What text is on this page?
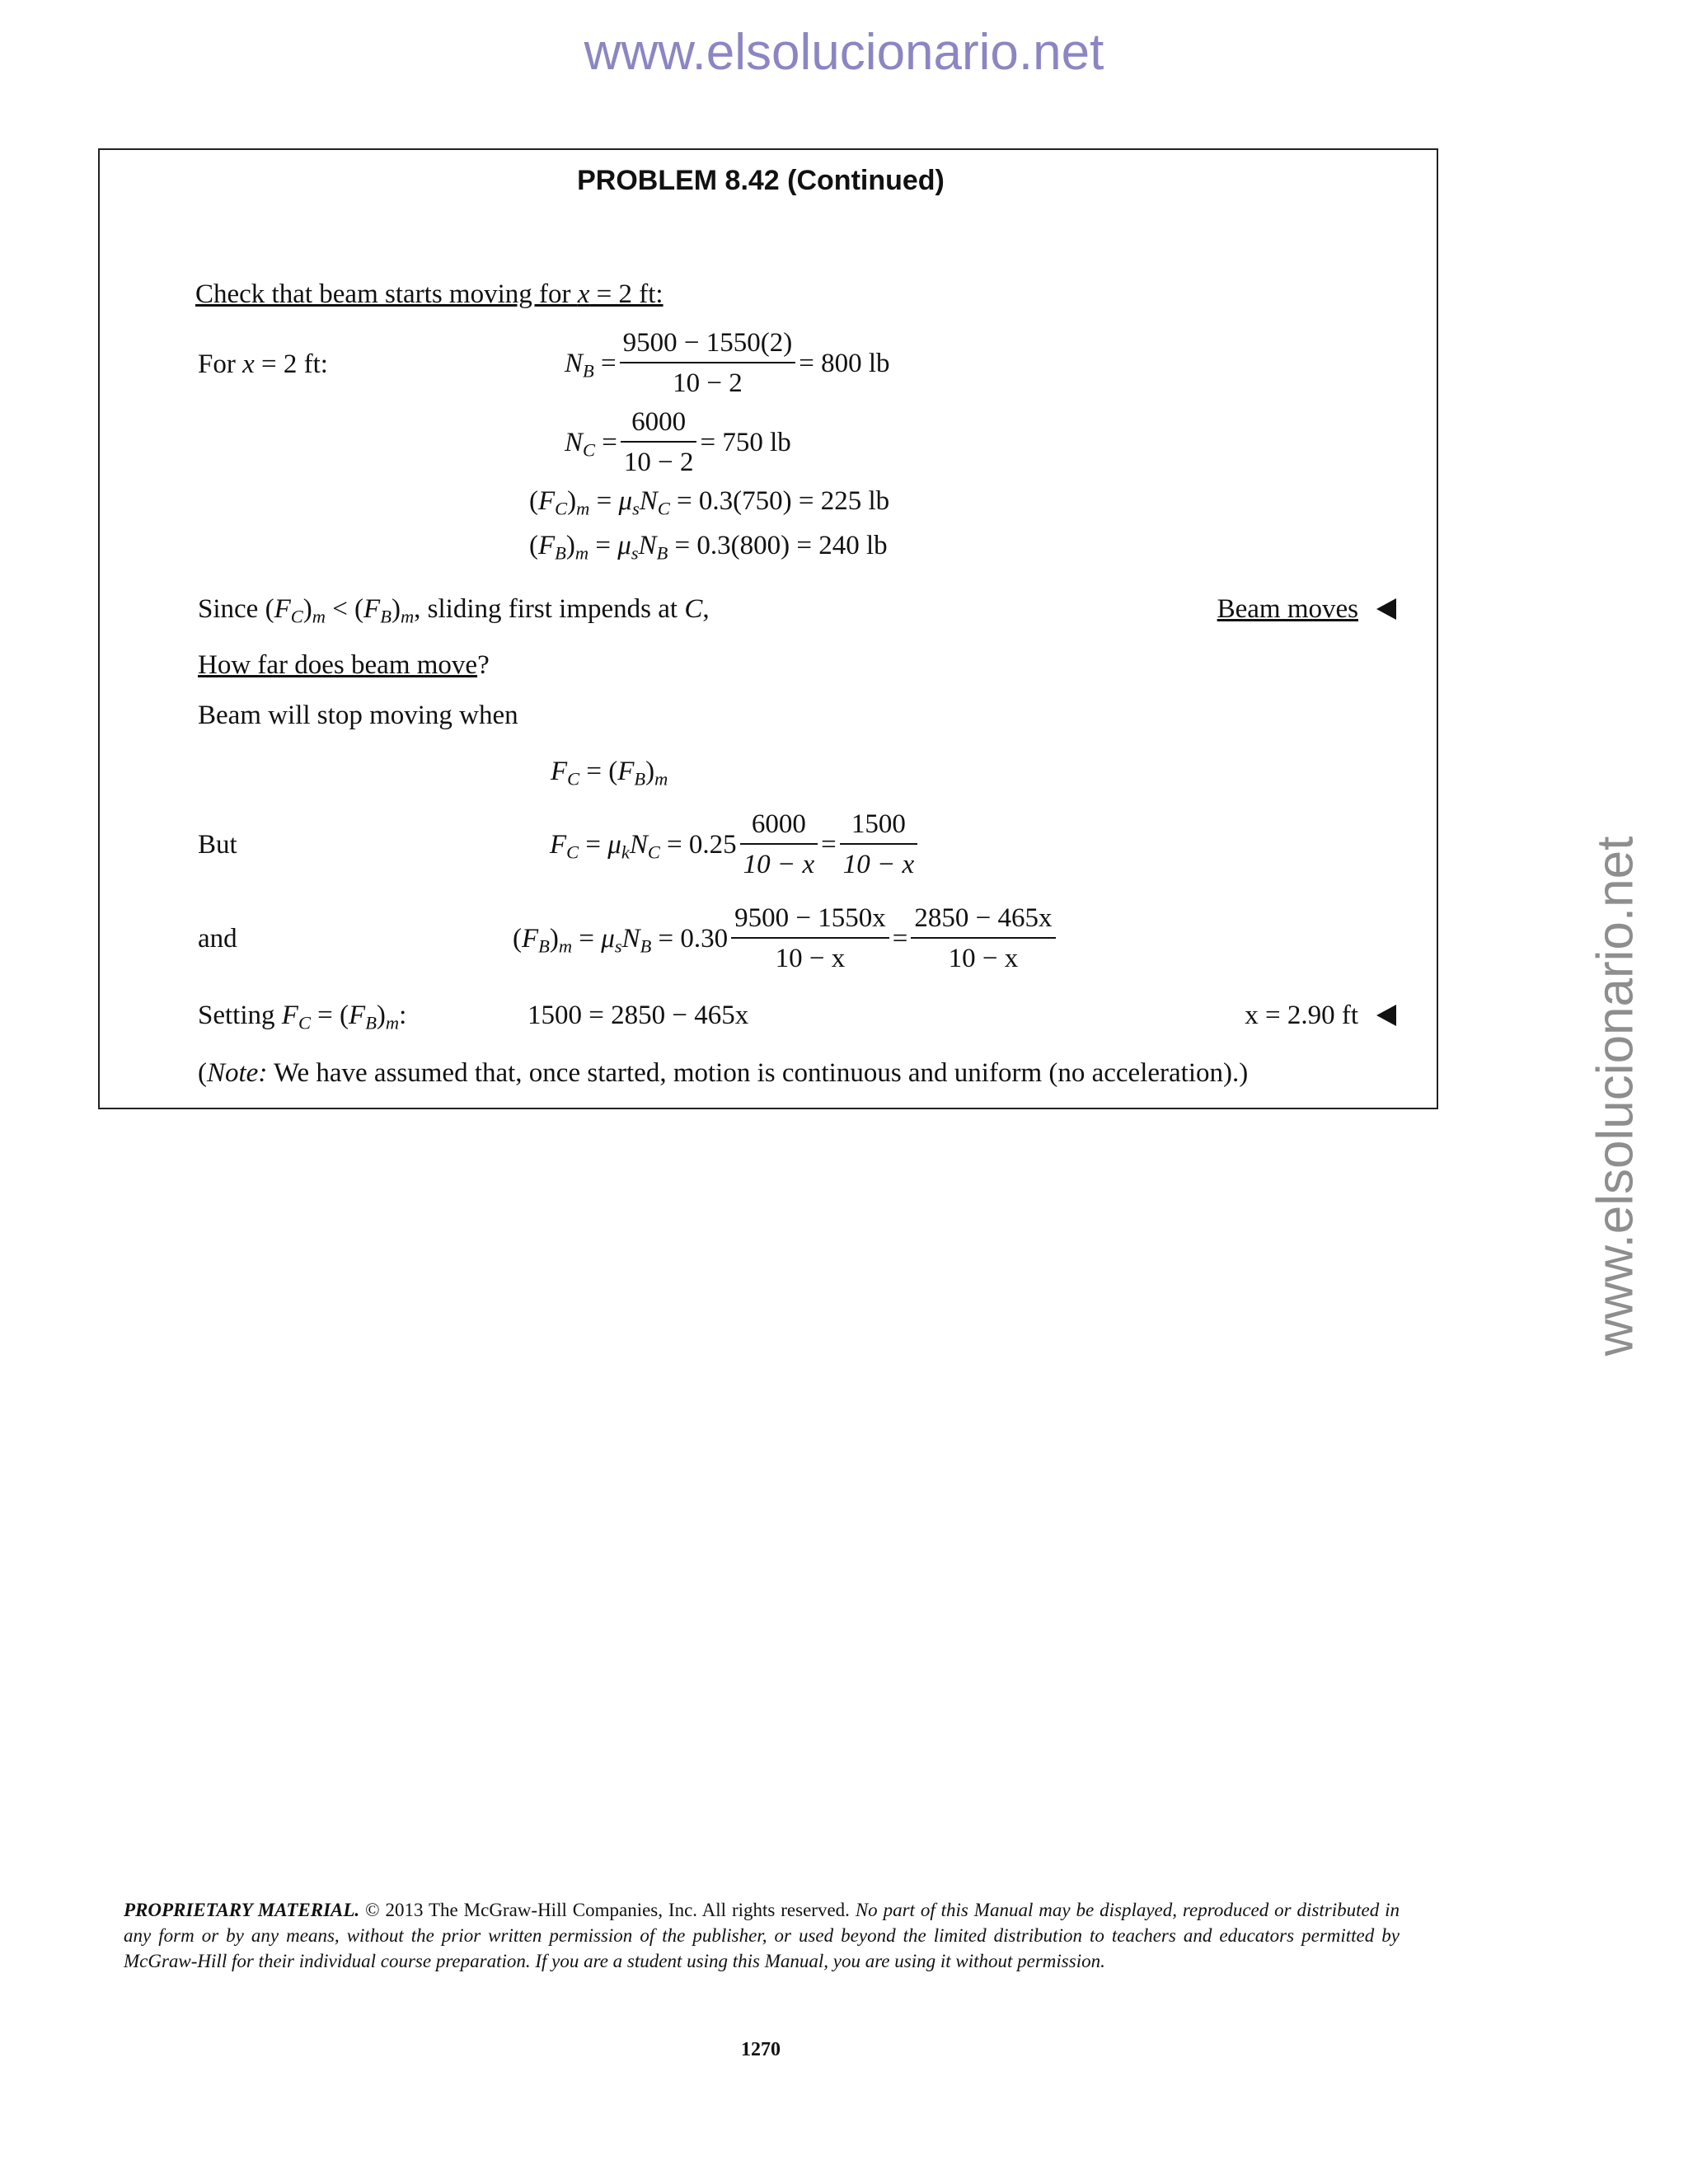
www.elsolucionario.net
www.elsolucionario.net
PROBLEM 8.42 (Continued)
Check that beam starts moving for x = 2 ft:
For x = 2 ft:	$N_B = \frac{9500 - 1550(2)}{10 - 2} = 800$ lb
$N_C = \frac{6000}{10 - 2} = 750$ lb
$(F_C)_m = \mu_sN_C = 0.3(750) = 225$ lb
$(F_B)_m = \mu_sN_B = 0.3(800) = 240$ lb
Since $(F_C)_m < (F_B)_m$, sliding first impends at C,	Beam moves
How far does beam move?
Beam will stop moving when
$F_C = (F_B)_m$
But	$F_C = \mu_kN_C = 0.25 \frac{6000}{10 - x} = \frac{1500}{10 - x}$
and	$(F_B)_m = \mu_sN_B = 0.30 \frac{9500 - 1550x}{10 - x} = \frac{2850 - 465x}{10 - x}$
Setting $F_C = (F_B)_m$:	1500 = 2850 − 465x	x = 2.90 ft
(Note: We have assumed that, once started, motion is continuous and uniform (no acceleration).)
PROPRIETARY MATERIAL. © 2013 The McGraw-Hill Companies, Inc. All rights reserved. No part of this Manual may be displayed, reproduced or distributed in any form or by any means, without the prior written permission of the publisher, or used beyond the limited distribution to teachers and educators permitted by McGraw-Hill for their individual course preparation. If you are a student using this Manual, you are using it without permission.
1270
